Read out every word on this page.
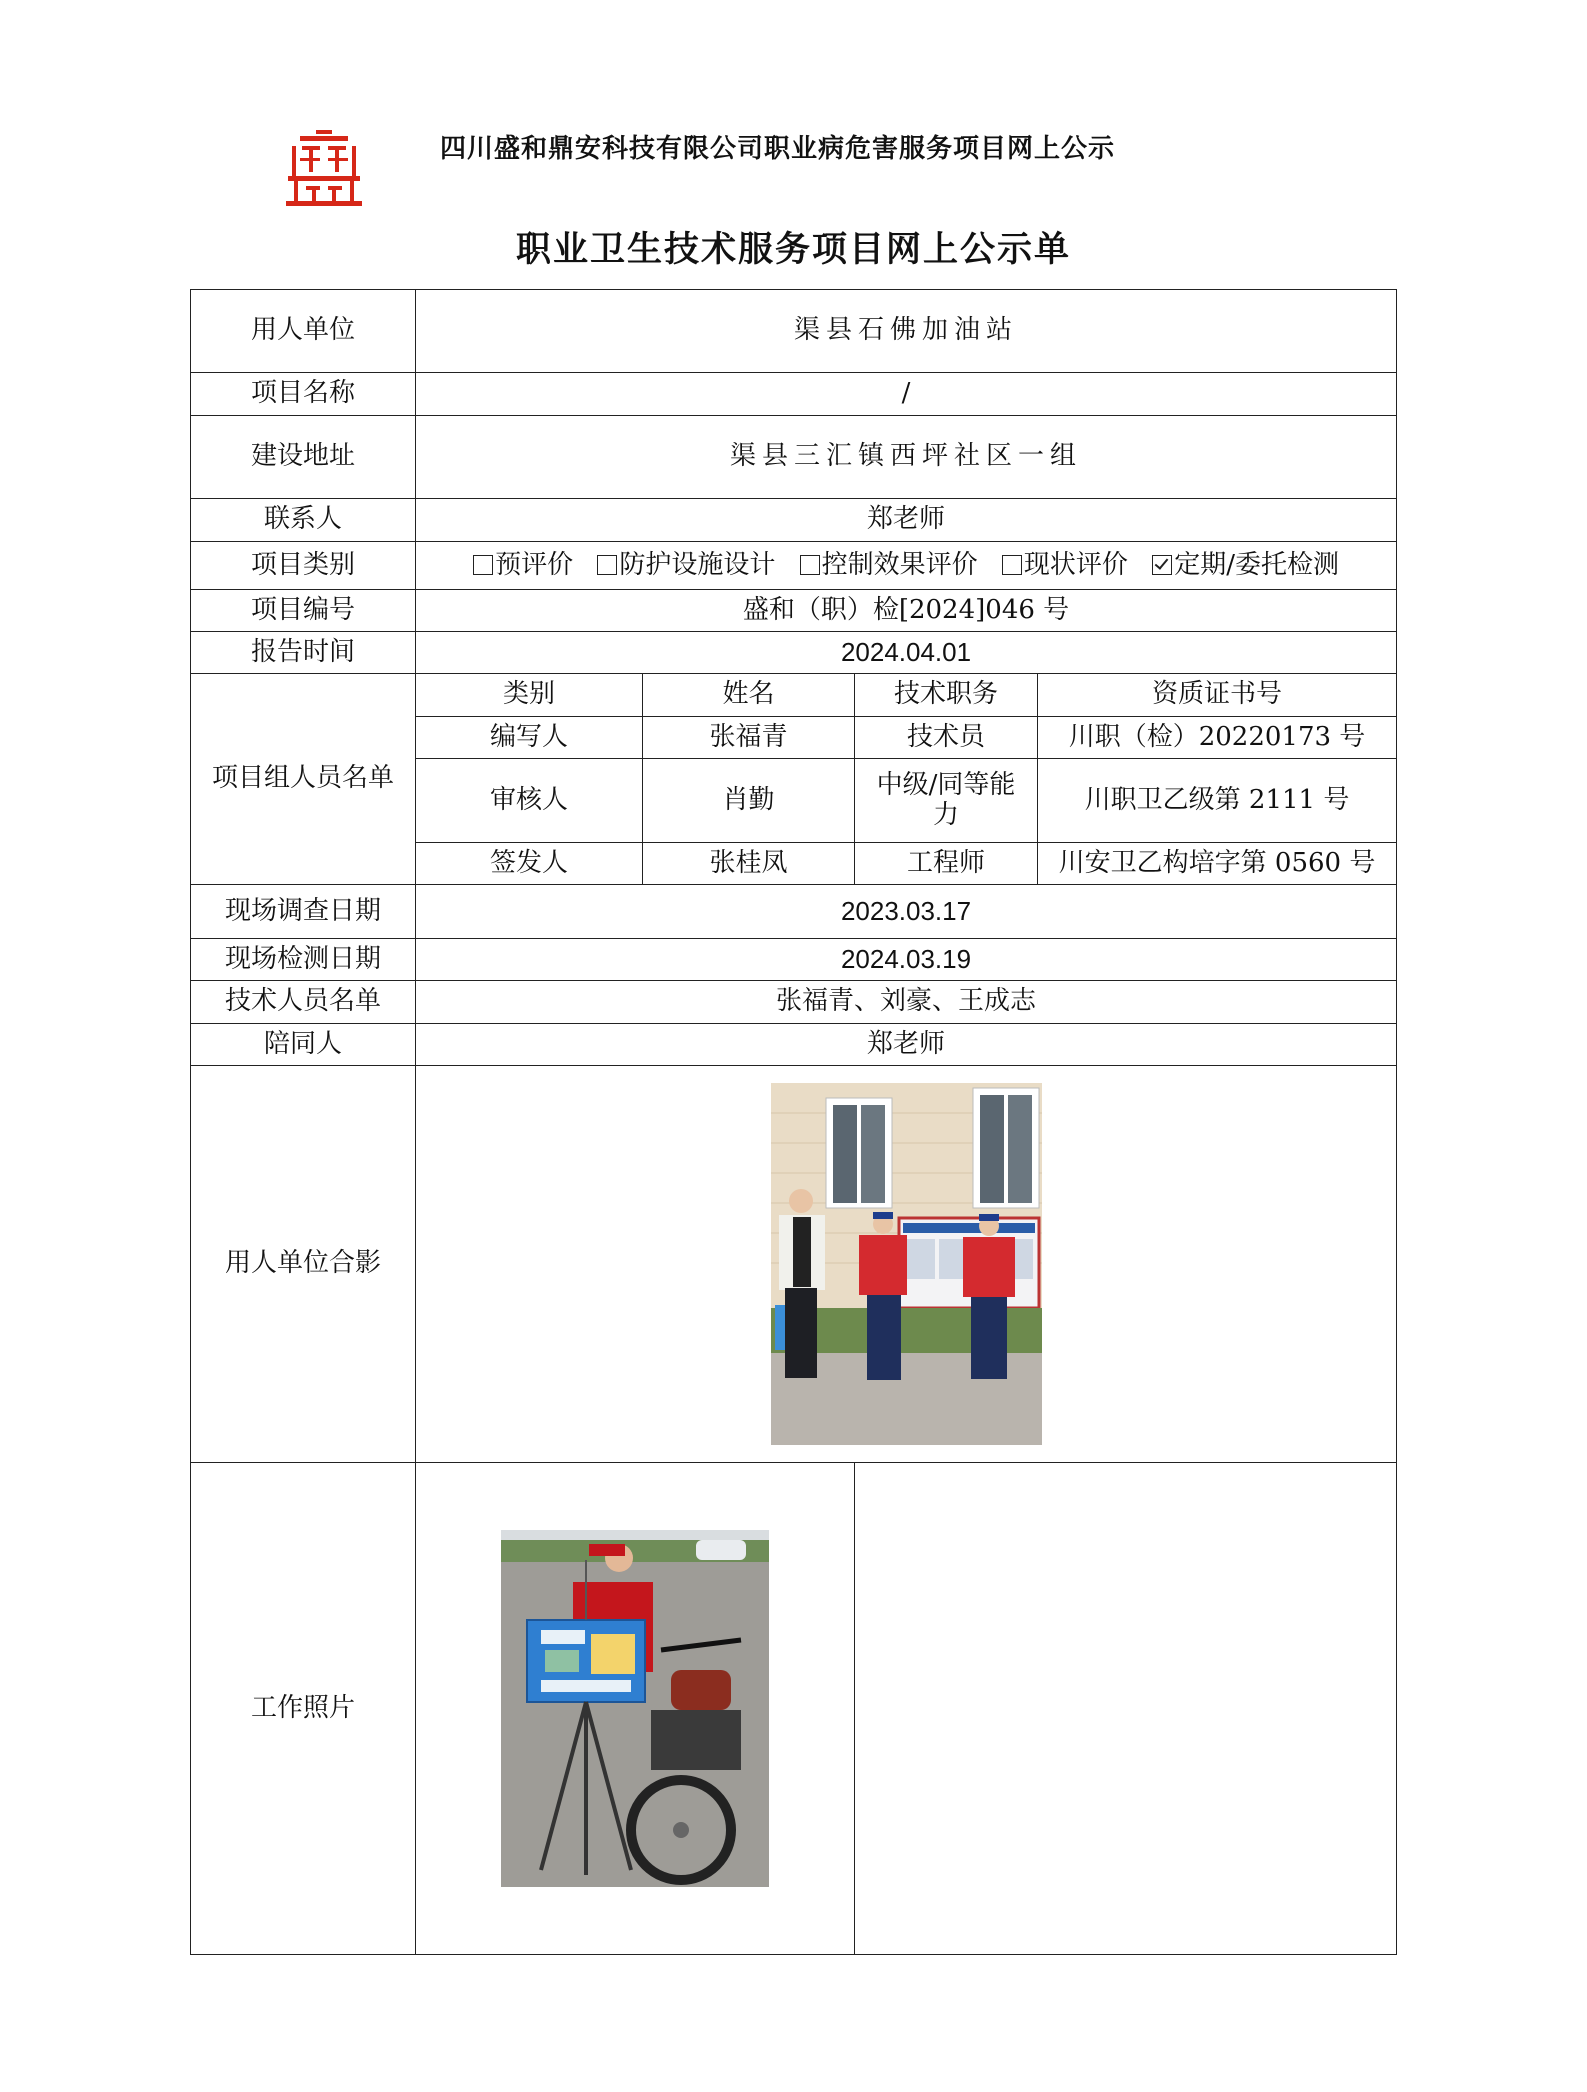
四川盛和鼎安科技有限公司职业病危害服务项目网上公示
职业卫生技术服务项目网上公示单
用人单位	渠县石佛加油站			
项目名称	/			
建设地址	渠县三汇镇西坪社区一组			
联系人	郑老师			
项目类别	预评价 防护设施设计 控制效果评价 现状评价 定期/委托检测			
项目编号	盛和（职）检[2024]046 号			
报告时间	2024.04.01			
项目组人员名单	类别	姓名	技术职务	资质证书号
	编写人	张福青	技术员	川职（检）20220173 号
	审核人	肖勤	中级/同等能力	川职卫乙级第 2111 号
	签发人	张桂凤	工程师	川安卫乙构培字第 0560 号
现场调查日期	2023.03.17			
现场检测日期	2024.03.19			
技术人员名单	张福青、刘豪、王成志			
陪同人	郑老师			
用人单位合影	

工作照片	
